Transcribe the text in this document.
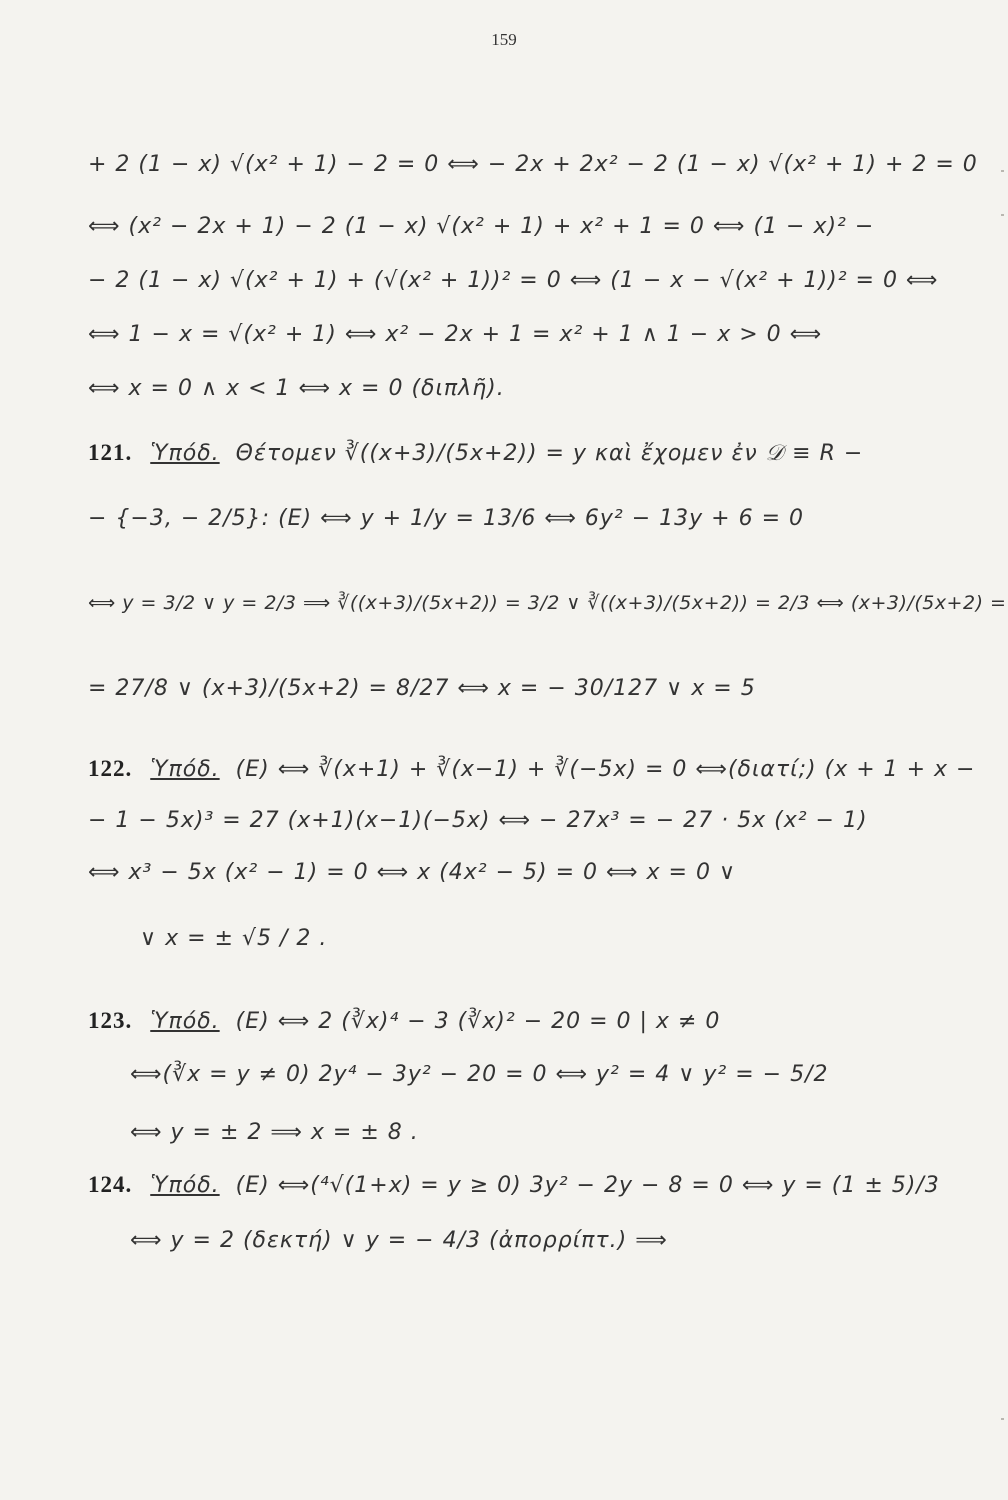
159
+ 2 (1 − x) √(x² + 1) − 2 = 0 ⟺ − 2x + 2x² − 2 (1 − x) √(x² + 1) + 2 = 0
⟺ (x² − 2x + 1) − 2 (1 − x) √(x² + 1) + x² + 1 = 0 ⟺ (1 − x)² −
− 2 (1 − x) √(x² + 1) + (√(x² + 1))² = 0 ⟺ (1 − x − √(x² + 1))² = 0 ⟺
⟺ 1 − x = √(x² + 1) ⟺ x² − 2x + 1 = x² + 1 ∧ 1 − x > 0 ⟺
⟺ x = 0 ∧ x < 1 ⟺ x = 0 (διπλῆ).
121. Ὑπόδ. Θέτομεν ∛((x+3)/(5x+2)) = y καὶ ἔχομεν ἐν 𝒟 ≡ R −
− {−3, − 2/5}: (E) ⟺ y + 1/y = 13/6 ⟺ 6y² − 13y + 6 = 0
⟺ y = 3/2 ∨ y = 2/3 ⟹ ∛((x+3)/(5x+2)) = 3/2 ∨ ∛((x+3)/(5x+2)) = 2/3 ⟺ (x+3)/(5x+2) =
= 27/8 ∨ (x+3)/(5x+2) = 8/27 ⟺ x = − 30/127 ∨ x = 5
122. Ὑπόδ. (E) ⟺ ∛(x+1) + ∛(x−1) + ∛(−5x) = 0 ⟺(διατί;) (x + 1 + x −
− 1 − 5x)³ = 27 (x+1)(x−1)(−5x) ⟺ − 27x³ = − 27 · 5x (x² − 1)
⟺ x³ − 5x (x² − 1) = 0 ⟺ x (4x² − 5) = 0 ⟺ x = 0 ∨
∨ x = ± √5 / 2 .
123. Ὑπόδ. (E) ⟺ 2 (∛x)⁴ − 3 (∛x)² − 20 = 0 | x ≠ 0
⟺(∛x = y ≠ 0) 2y⁴ − 3y² − 20 = 0 ⟺ y² = 4 ∨ y² = − 5/2
⟺ y = ± 2 ⟹ x = ± 8 .
124. Ὑπόδ. (E) ⟺(⁴√(1+x) = y ≥ 0) 3y² − 2y − 8 = 0 ⟺ y = (1 ± 5)/3
⟺ y = 2 (δεκτή) ∨ y = − 4/3 (ἀπορρίπτ.) ⟹
